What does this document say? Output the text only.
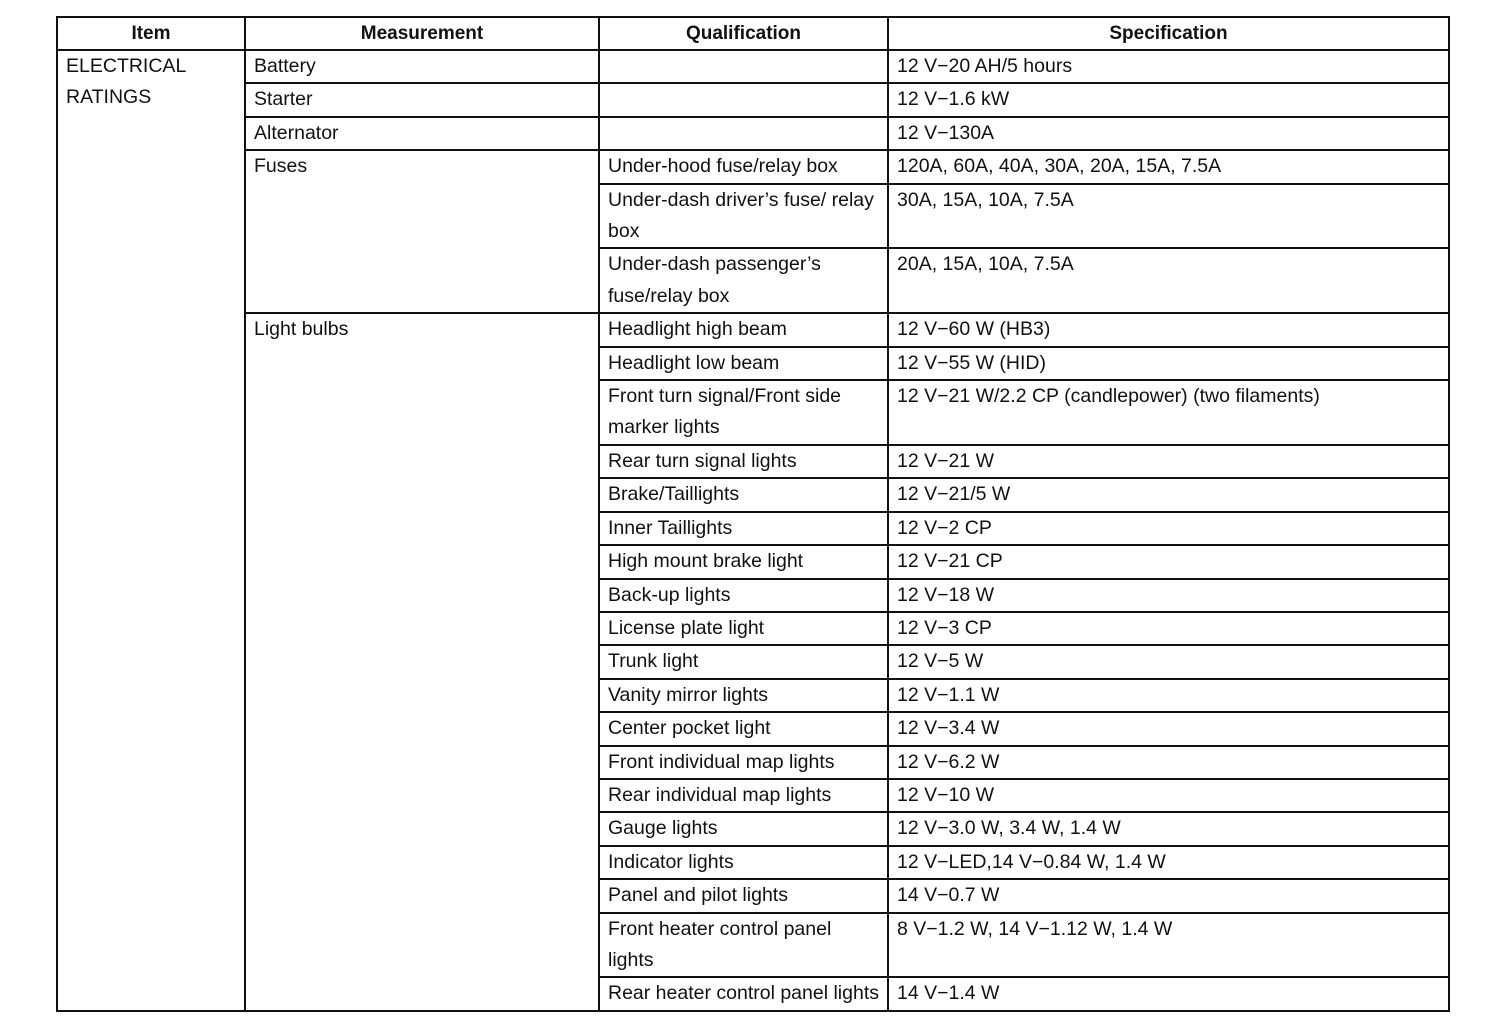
Item	Measurement	Qualification	Specification

ELECTRICAL
RATINGS	Battery		12 V−20 AH/5 hours
	Starter		12 V−1.6 kW
	Alternator		12 V−130A
	Fuses	Under-hood fuse/relay box	120A, 60A, 40A, 30A, 20A, 15A, 7.5A
		Under-dash driver’s fuse/ relay box	30A, 15A, 10A, 7.5A
		Under-dash passenger’s fuse/relay box	20A, 15A, 10A, 7.5A
	Light bulbs	Headlight high beam	12 V−60 W (HB3)
		Headlight low beam	12 V−55 W (HID)
		Front turn signal/Front side marker lights	12 V−21 W/2.2 CP (candlepower) (two filaments)
		Rear turn signal lights	12 V−21 W
		Brake/Taillights	12 V−21/5 W
		Inner Taillights	12 V−2 CP
		High mount brake light	12 V−21 CP
		Back-up lights	12 V−18 W
		License plate light	12 V−3 CP
		Trunk light	12 V−5 W
		Vanity mirror lights	12 V−1.1 W
		Center pocket light	12 V−3.4 W
		Front individual map lights	12 V−6.2 W
		Rear individual map lights	12 V−10 W
		Gauge lights	12 V−3.0 W, 3.4 W, 1.4 W
		Indicator lights	12 V−LED,14 V−0.84 W, 1.4 W
		Panel and pilot lights	14 V−0.7 W
		Front heater control panel lights	8 V−1.2 W, 14 V−1.12 W, 1.4 W
		Rear heater control panel lights	14 V−1.4 W
